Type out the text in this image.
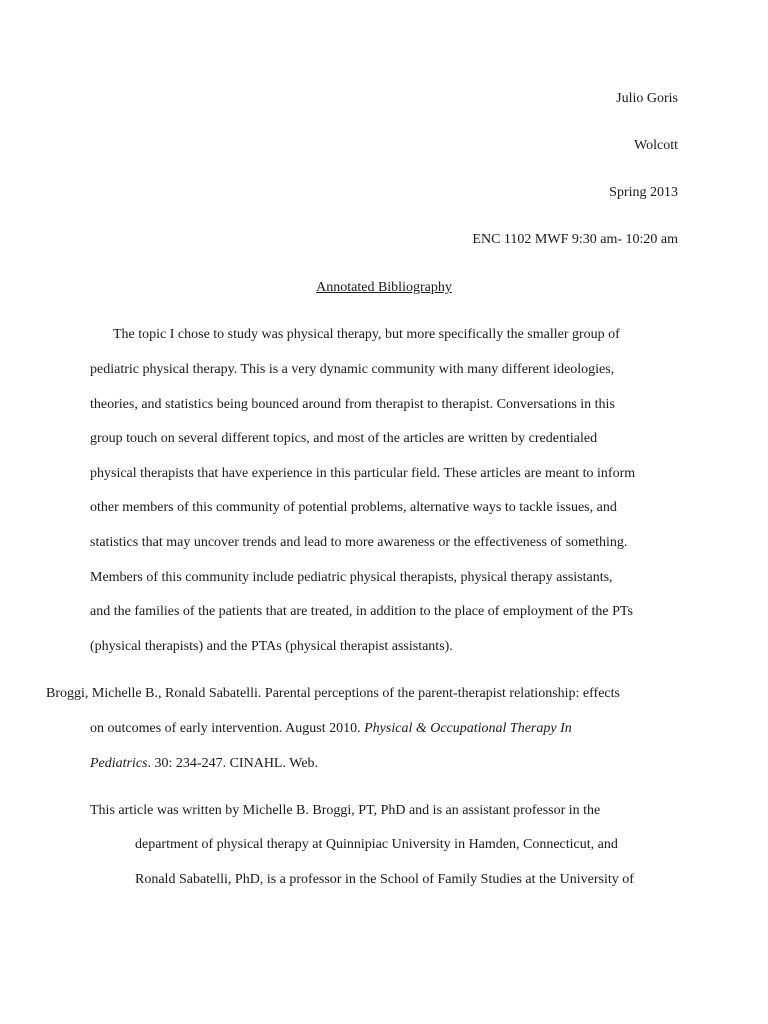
Julio Goris
Wolcott
Spring 2013
ENC 1102 MWF 9:30 am- 10:20 am
Annotated Bibliography
The topic I chose to study was physical therapy, but more specifically the smaller group of
pediatric physical therapy. This is a very dynamic community with many different ideologies,
theories, and statistics being bounced around from therapist to therapist. Conversations in this
group touch on several different topics, and most of the articles are written by credentialed
physical therapists that have experience in this particular field. These articles are meant to inform
other members of this community of potential problems, alternative ways to tackle issues, and
statistics that may uncover trends and lead to more awareness or the effectiveness of something.
Members of this community include pediatric physical therapists, physical therapy assistants,
and the families of the patients that are treated, in addition to the place of employment of the PTs
(physical therapists) and the PTAs (physical therapist assistants).
Broggi, Michelle B., Ronald Sabatelli. Parental perceptions of the parent-therapist relationship: effects
on outcomes of early intervention. August 2010. Physical & Occupational Therapy In
Pediatrics. 30: 234-247. CINAHL. Web.
This article was written by Michelle B. Broggi, PT, PhD and is an assistant professor in the
department of physical therapy at Quinnipiac University in Hamden, Connecticut, and
Ronald Sabatelli, PhD, is a professor in the School of Family Studies at the University of
